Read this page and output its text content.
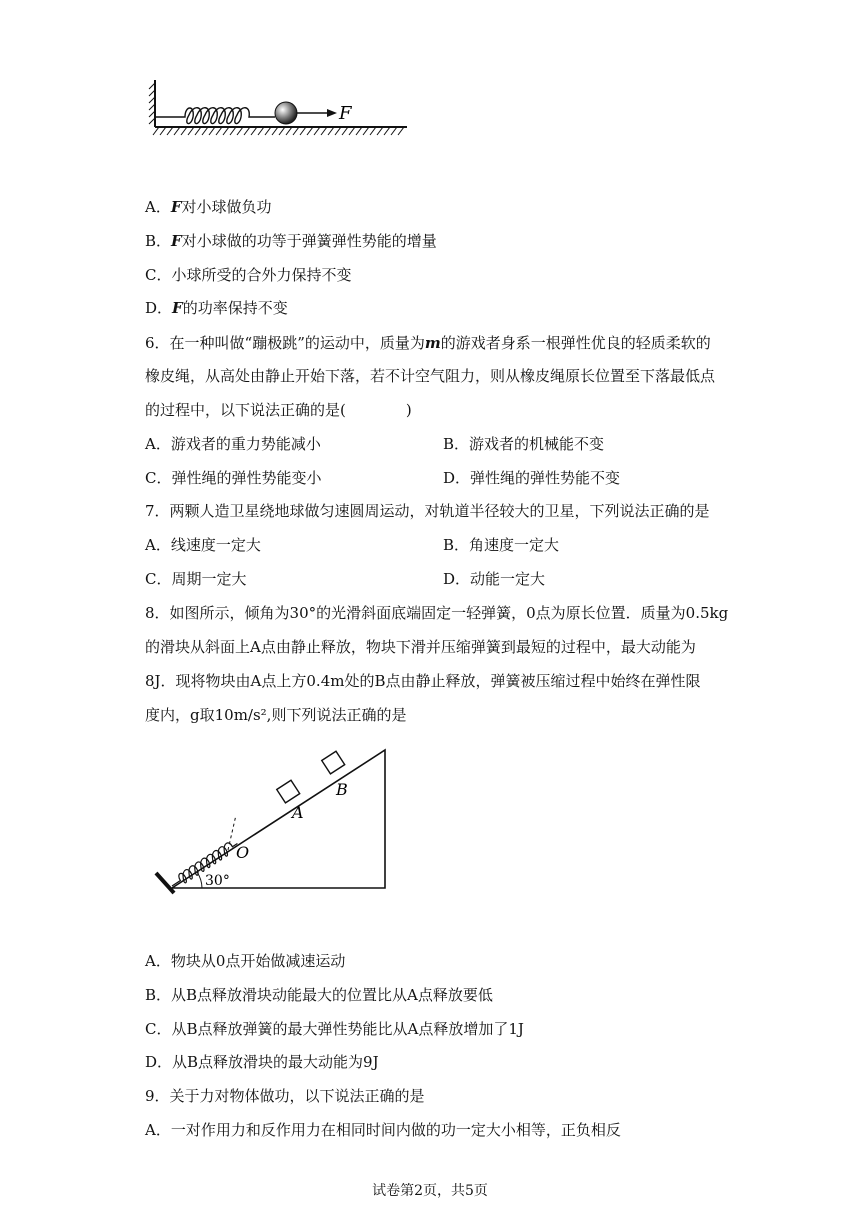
F
A．F对小球做负功
B．F对小球做的功等于弹簧弹性势能的增量
C．小球所受的合外力保持不变
D．F的功率保持不变
6．在一种叫做“蹦极跳”的运动中，质量为m的游戏者身系一根弹性优良的轻质柔软的
橡皮绳，从高处由静止开始下落，若不计空气阻力，则从橡皮绳原长位置至下落最低点
的过程中，以下说法正确的是(　　　　)
A．游戏者的重力势能减小	B．游戏者的机械能不变
C．弹性绳的弹性势能变小	D．弹性绳的弹性势能不变
7．两颗人造卫星绕地球做匀速圆周运动，对轨道半径较大的卫星，下列说法正确的是
A．线速度一定大	B．角速度一定大
C．周期一定大	D．动能一定大
8．如图所示，倾角为30°的光滑斜面底端固定一轻弹簧，0点为原长位置．质量为0.5kg
的滑块从斜面上A点由静止释放，物块下滑并压缩弹簧到最短的过程中，最大动能为
8J．现将物块由A点上方0.4m处的B点由静止释放，弹簧被压缩过程中始终在弹性限
度内，g取10m/s²,则下列说法正确的是
30°
A
B
O
A．物块从0点开始做减速运动
B．从B点释放滑块动能最大的位置比从A点释放要低
C．从B点释放弹簧的最大弹性势能比从A点释放增加了1J
D．从B点释放滑块的最大动能为9J
9．关于力对物体做功，以下说法正确的是
A．一对作用力和反作用力在相同时间内做的功一定大小相等，正负相反
试卷第2页，共5页
